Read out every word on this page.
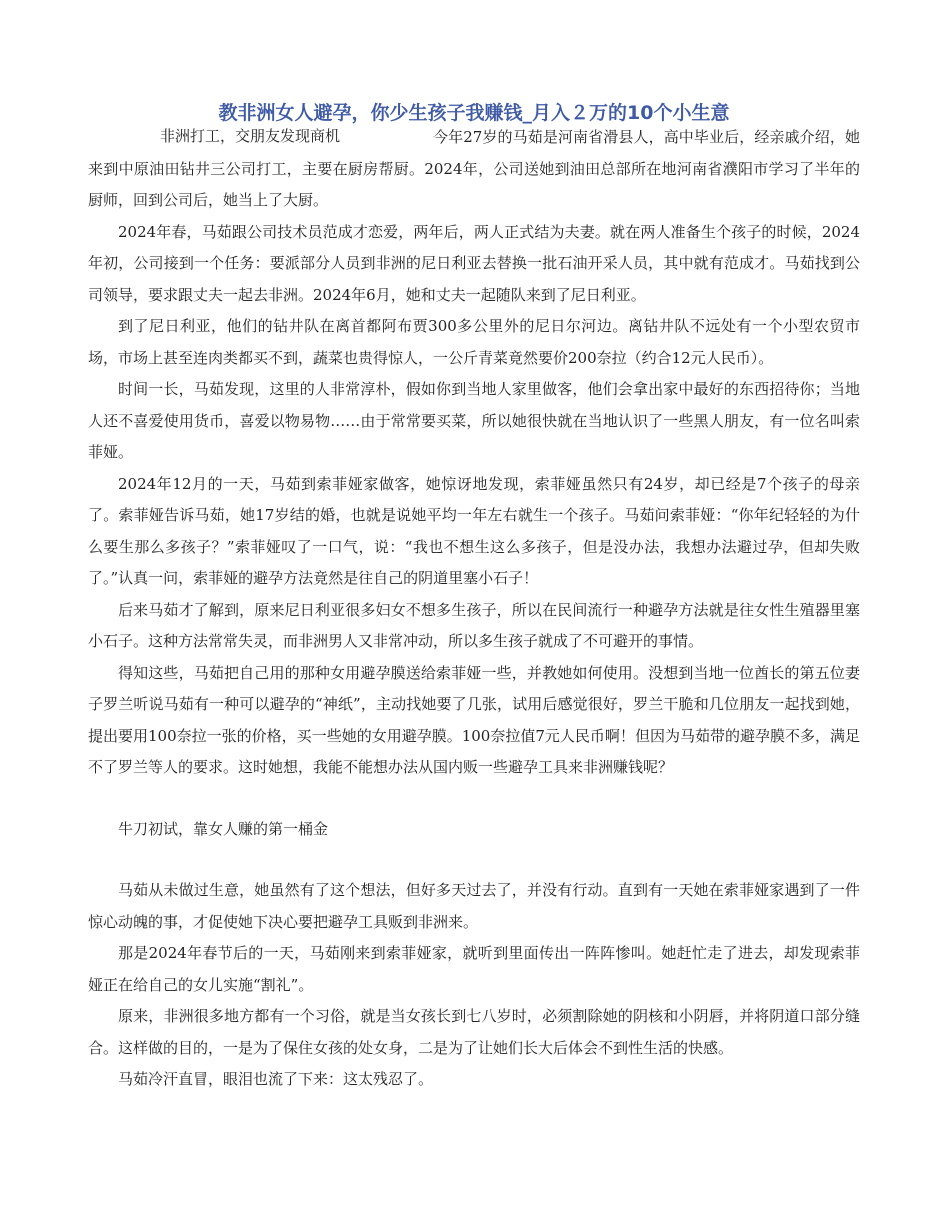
教非洲女人避孕，你少生孩子我赚钱_月入２万的10个小生意
非洲打工，交朋友发现商机	今年27岁的马茹是河南省滑县人，高中毕业后，经亲戚介绍，她来到中原油田钻井三公司打工，主要在厨房帮厨。2024年，公司送她到油田总部所在地河南省濮阳市学习了半年的厨师，回到公司后，她当上了大厨。

2024年春，马茹跟公司技术员范成才恋爱，两年后，两人正式结为夫妻。就在两人准备生个孩子的时候，2024年初，公司接到一个任务：要派部分人员到非洲的尼日利亚去替换一批石油开采人员，其中就有范成才。马茹找到公司领导，要求跟丈夫一起去非洲。2024年6月，她和丈夫一起随队来到了尼日利亚。

到了尼日利亚，他们的钻井队在离首都阿布贾300多公里外的尼日尔河边。离钻井队不远处有一个小型农贸市场，市场上甚至连肉类都买不到，蔬菜也贵得惊人，一公斤青菜竟然要价200奈拉（约合12元人民币）。

时间一长，马茹发现，这里的人非常淳朴，假如你到当地人家里做客，他们会拿出家中最好的东西招待你；当地人还不喜爱使用货币，喜爱以物易物……由于常常要买菜，所以她很快就在当地认识了一些黑人朋友，有一位名叫索菲娅。

2024年12月的一天，马茹到索菲娅家做客，她惊讶地发现，索菲娅虽然只有24岁，却已经是7个孩子的母亲了。索菲娅告诉马茹，她17岁结的婚，也就是说她平均一年左右就生一个孩子。马茹问索菲娅：“你年纪轻轻的为什么要生那么多孩子？”索菲娅叹了一口气，说：“我也不想生这么多孩子，但是没办法，我想办法避过孕，但却失败了。”认真一问，索菲娅的避孕方法竟然是往自己的阴道里塞小石子！

后来马茹才了解到，原来尼日利亚很多妇女不想多生孩子，所以在民间流行一种避孕方法就是往女性生殖器里塞小石子。这种方法常常失灵，而非洲男人又非常冲动，所以多生孩子就成了不可避开的事情。

得知这些，马茹把自己用的那种女用避孕膜送给索菲娅一些，并教她如何使用。没想到当地一位酋长的第五位妻子罗兰听说马茹有一种可以避孕的“神纸”，主动找她要了几张，试用后感觉很好，罗兰干脆和几位朋友一起找到她，提出要用100奈拉一张的价格，买一些她的女用避孕膜。100奈拉值7元人民币啊！但因为马茹带的避孕膜不多，满足不了罗兰等人的要求。这时她想，我能不能想办法从国内贩一些避孕工具来非洲赚钱呢？

牛刀初试，靠女人赚的第一桶金

马茹从未做过生意，她虽然有了这个想法，但好多天过去了，并没有行动。直到有一天她在索菲娅家遇到了一件惊心动魄的事，才促使她下决心要把避孕工具贩到非洲来。

那是2024年春节后的一天，马茹刚来到索菲娅家，就听到里面传出一阵阵惨叫。她赶忙走了进去，却发现索菲娅正在给自己的女儿实施“割礼”。

原来，非洲很多地方都有一个习俗，就是当女孩长到七八岁时，必须割除她的阴核和小阴唇，并将阴道口部分缝合。这样做的目的，一是为了保住女孩的处女身，二是为了让她们长大后体会不到性生活的快感。

马茹冷汗直冒，眼泪也流了下来：这太残忍了。
